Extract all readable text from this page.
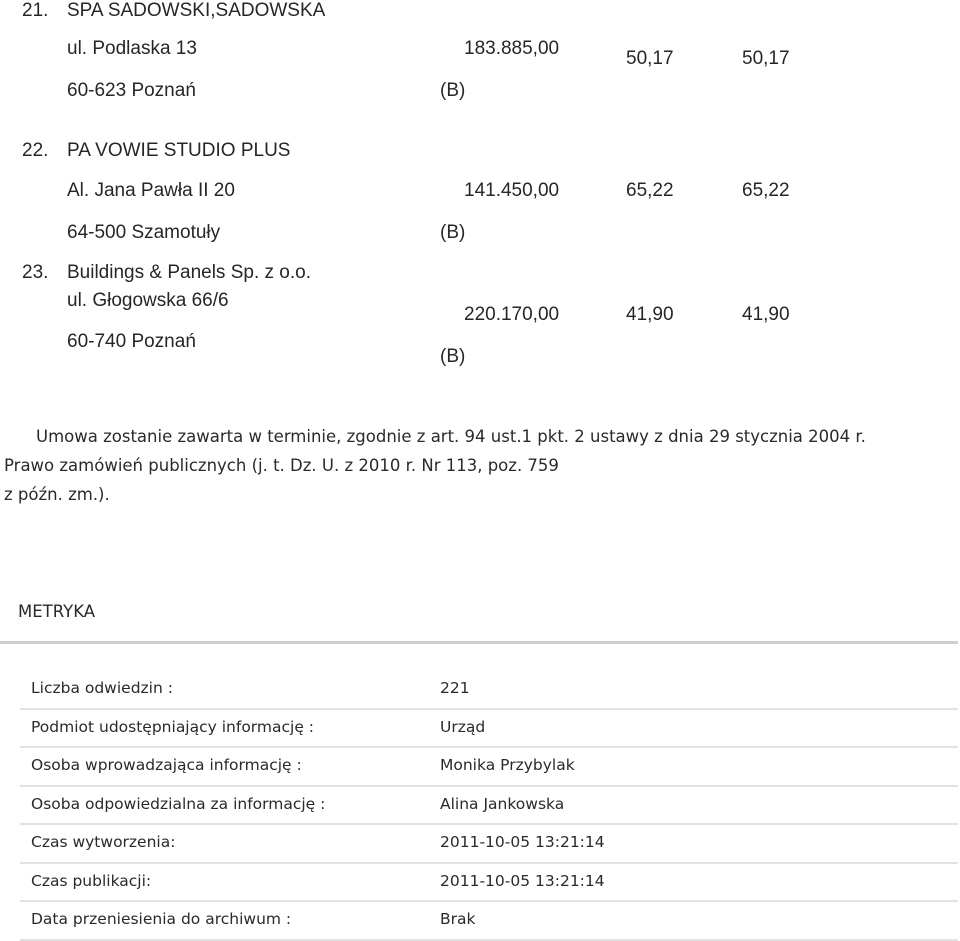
21. SPA SADOWSKI,SADOWSKA
ul. Podlaska 13
60-623 Poznań
183.885,00
(B)
50,17	50,17
22. PA VOWIE STUDIO PLUS
Al. Jana Pawła II 20
64-500 Szamotuły
141.450,00
(B)
65,22	65,22
23. Buildings & Panels Sp. z o.o.
ul. Głogowska 66/6
60-740 Poznań
220.170,00
(B)
41,90	41,90
Umowa zostanie zawarta w terminie, zgodnie z art. 94 ust.1 pkt. 2 ustawy z dnia 29 stycznia 2004 r.
Prawo zamówień publicznych (j. t. Dz. U. z 2010 r. Nr 113, poz. 759
z późn. zm.).
METRYKA
Liczba odwiedzin :	221
Podmiot udostępniający informację :	Urząd
Osoba wprowadzająca informację :	Monika Przybylak
Osoba odpowiedzialna za informację :	Alina Jankowska
Czas wytworzenia:	2011-10-05 13:21:14
Czas publikacji:	2011-10-05 13:21:14
Data przeniesienia do archiwum :	Brak
